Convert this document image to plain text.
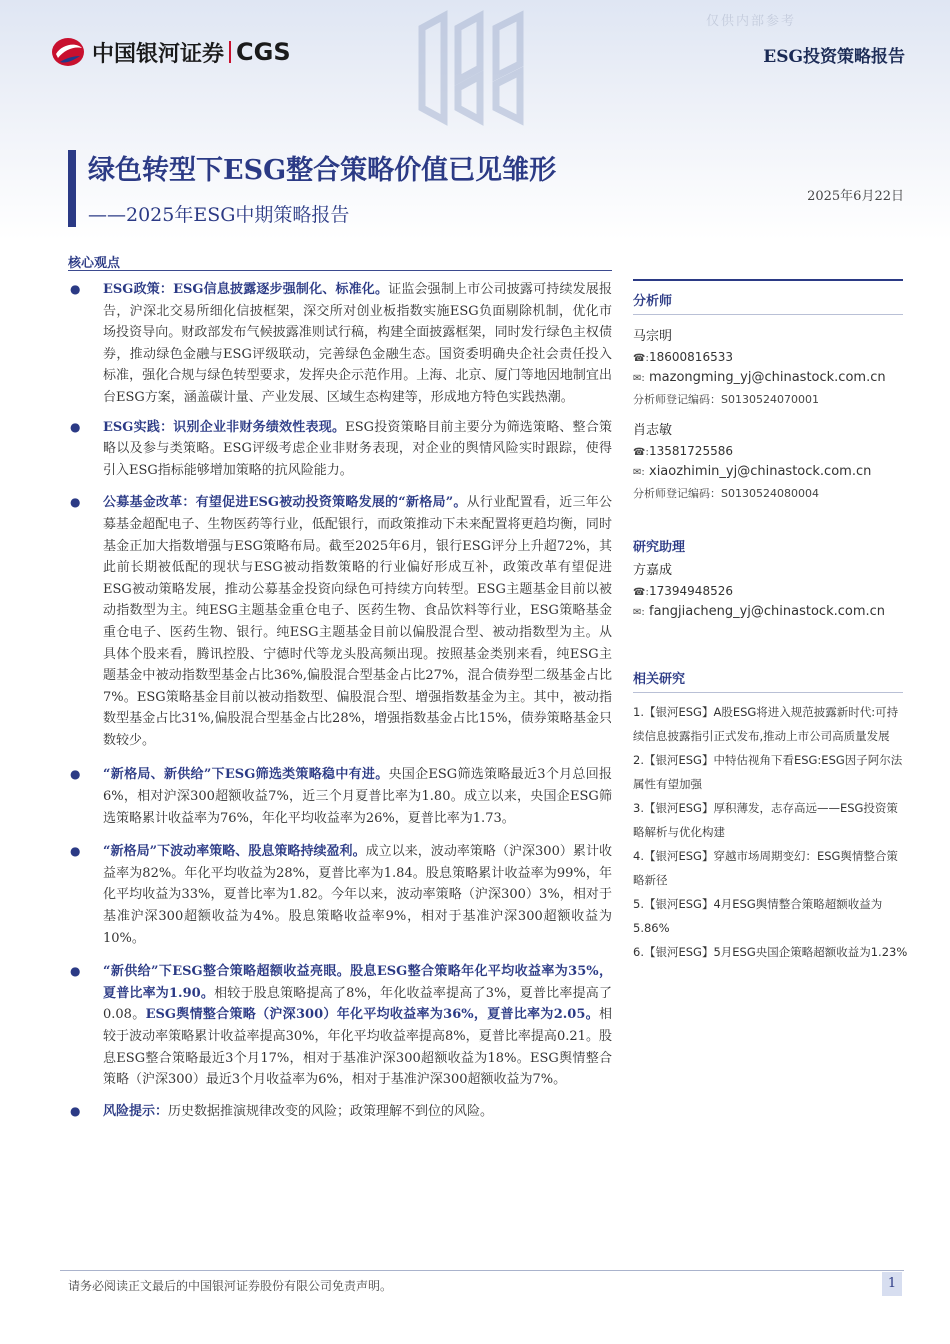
仅供内部参考
中国银河证券 CGS	ESG投资策略报告
绿色转型下ESG整合策略价值已见雏形
——2025年ESG中期策略报告
2025年6月22日
核心观点
● ESG政策：ESG信息披露逐步强制化、标准化。证监会强制上市公司披露可持续发展报告，沪深北交易所细化信披框架，深交所对创业板指数实施ESG负面剔除机制，优化市场投资导向。财政部发布气候披露准则试行稿，构建全面披露框架，同时发行绿色主权债券，推动绿色金融与ESG评级联动，完善绿色金融生态。国资委明确央企社会责任投入标准，强化合规与绿色转型要求，发挥央企示范作用。上海、北京、厦门等地因地制宜出台ESG方案，涵盖碳计量、产业发展、区域生态构建等，形成地方特色实践热潮。
● ESG实践：识别企业非财务绩效性表现。ESG投资策略目前主要分为筛选策略、整合策略以及参与类策略。ESG评级考虑企业非财务表现，对企业的舆情风险实时跟踪，使得引入ESG指标能够增加策略的抗风险能力。
● 公募基金改革：有望促进ESG被动投资策略发展的“新格局”。从行业配置看，近三年公募基金超配电子、生物医药等行业，低配银行，而政策推动下未来配置将更趋均衡，同时基金正加大指数增强与ESG策略布局。截至2025年6月，银行ESG评分上升超72%，其此前长期被低配的现状与ESG被动指数策略的行业偏好形成互补，政策改革有望促进ESG被动策略发展，推动公募基金投资向绿色可持续方向转型。ESG主题基金目前以被动指数型为主。纯ESG主题基金重仓电子、医药生物、食品饮料等行业，ESG策略基金重仓电子、医药生物、银行。纯ESG主题基金目前以偏股混合型、被动指数型为主。从具体个股来看，腾讯控股、宁德时代等龙头股高频出现。按照基金类别来看，纯ESG主题基金中被动指数型基金占比36%,偏股混合型基金占比27%，混合债券型二级基金占比7%。ESG策略基金目前以被动指数型、偏股混合型、增强指数基金为主。其中，被动指数型基金占比31%,偏股混合型基金占比28%，增强指数基金占比15%，债券策略基金只数较少。
● “新格局、新供给”下ESG筛选类策略稳中有进。央国企ESG筛选策略最近3个月总回报6%，相对沪深300超额收益7%，近三个月夏普比率为1.80。成立以来，央国企ESG筛选策略累计收益率为76%，年化平均收益率为26%，夏普比率为1.73。
● “新格局”下波动率策略、股息策略持续盈利。成立以来，波动率策略（沪深300）累计收益率为82%。年化平均收益为28%，夏普比率为1.84。股息策略累计收益率为99%，年化平均收益为33%，夏普比率为1.82。今年以来，波动率策略（沪深300）3%，相对于基准沪深300超额收益为4%。股息策略收益率9%，相对于基准沪深300超额收益为10%。
● “新供给”下ESG整合策略超额收益亮眼。股息ESG整合策略年化平均收益率为35%，夏普比率为1.90。相较于股息策略提高了8%，年化收益率提高了3%，夏普比率提高了0.08。ESG舆情整合策略（沪深300）年化平均收益率为36%，夏普比率为2.05。相较于波动率策略累计收益率提高30%，年化平均收益率提高8%，夏普比率提高0.21。股息ESG整合策略最近3个月17%，相对于基准沪深300超额收益为18%。ESG舆情整合策略（沪深300）最近3个月收益率为6%，相对于基准沪深300超额收益为7%。
● 风险提示：历史数据推演规律改变的风险；政策理解不到位的风险。
分析师
马宗明
☎:18600816533
✉: mazongming_yj@chinastock.com.cn
分析师登记编码：S0130524070001
肖志敏
☎:13581725586
✉: xiaozhimin_yj@chinastock.com.cn
分析师登记编码：S0130524080004
研究助理
方嘉成
☎:17394948526
✉: fangjiacheng_yj@chinastock.com.cn
相关研究
1.【银河ESG】A股ESG将进入规范披露新时代:可持续信息披露指引正式发布,推动上市公司高质量发展
2.【银河ESG】中特估视角下看ESG:ESG因子阿尔法属性有望加强
3.【银河ESG】厚积薄发，志存高远——ESG投资策略解析与优化构建
4.【银河ESG】穿越市场周期变幻：ESG舆情整合策略新径
5.【银河ESG】4月ESG舆情整合策略超额收益为5.86%
6.【银河ESG】5月ESG央国企策略超额收益为1.23%
请务必阅读正文最后的中国银河证券股份有限公司免责声明。	1
